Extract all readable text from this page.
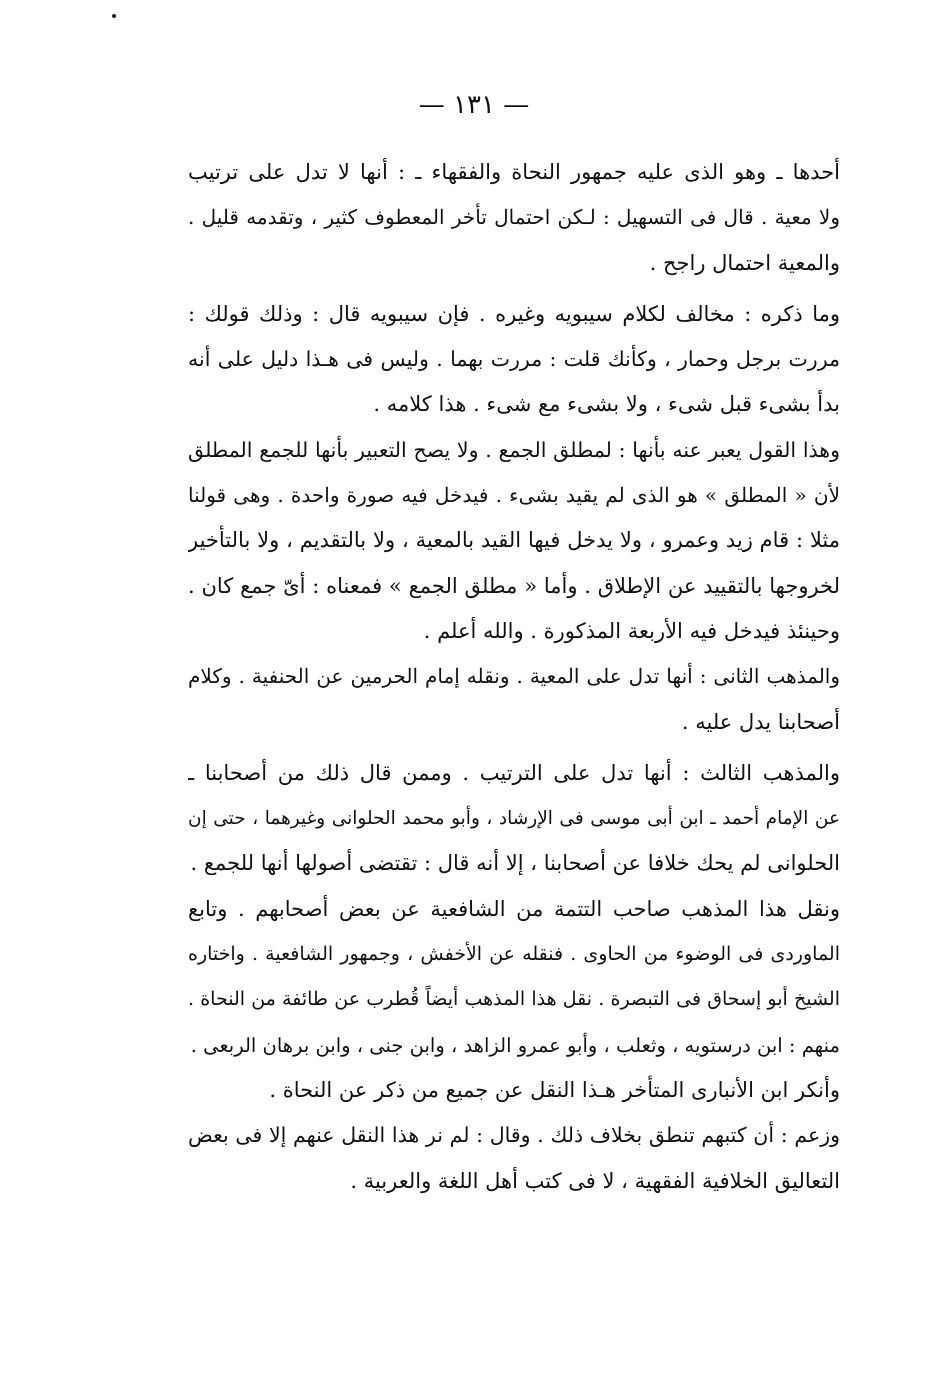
— ١٣١ —
أحدها ـ وهو الذى عليه جمهور النحاة والفقهاء ـ : أنها لا تدل على ترتيب
ولا معية . قال فى التسهيل : لـكن احتمال تأخر المعطوف كثير ، وتقدمه قليل .
والمعية احتمال راجح .
وما ذكره : مخالف لكلام سيبويه وغيره . فإن سيبويه قال : وذلك قولك :
مررت برجل وحمار ، وكأنك قلت : مررت بهما . وليس فى هـذا دليل على أنه
بدأ بشىء قبل شىء ، ولا بشىء مع شىء . هذا كلامه .
وهذا القول يعبر عنه بأنها : لمطلق الجمع . ولا يصح التعبير بأنها للجمع المطلق
لأن « المطلق » هو الذى لم يقيد بشىء . فيدخل فيه صورة واحدة . وهى قولنا
مثلا : قام زيد وعمرو ، ولا يدخل فيها القيد بالمعية ، ولا بالتقديم ، ولا بالتأخير
لخروجها بالتقييد عن الإطلاق . وأما « مطلق الجمع » فمعناه : أىّ جمع كان .
وحينئذ فيدخل فيه الأربعة المذكورة . والله أعلم .
والمذهب الثانى : أنها تدل على المعية . ونقله إمام الحرمين عن الحنفية . وكلام
أصحابنا يدل عليه .
والمذهب الثالث : أنها تدل على الترتيب . وممن قال ذلك من أصحابنا ـ
عن الإمام أحمد ـ ابن أبى موسى فى الإرشاد ، وأبو محمد الحلوانى وغيرهما ، حتى إن
الحلوانى لم يحك خلافا عن أصحابنا ، إلا أنه قال : تقتضى أصولها أنها للجمع .
ونقل هذا المذهب صاحب التتمة من الشافعية عن بعض أصحابهم . وتابع
الماوردى فى الوضوء من الحاوى . فنقله عن الأخفش ، وجمهور الشافعية . واختاره
الشيخ أبو إسحاق فى التبصرة . نقل هذا المذهب أيضاً قُطرب عن طائفة من النحاة .
منهم : ابن درستويه ، وثعلب ، وأبو عمرو الزاهد ، وابن جنى ، وابن برهان الربعى .
وأنكر ابن الأنبارى المتأخر هـذا النقل عن جميع من ذكر عن النحاة .
وزعم : أن كتبهم تنطق بخلاف ذلك . وقال : لم نر هذا النقل عنهم إلا فى بعض
التعاليق الخلافية الفقهية ، لا فى كتب أهل اللغة والعربية .
